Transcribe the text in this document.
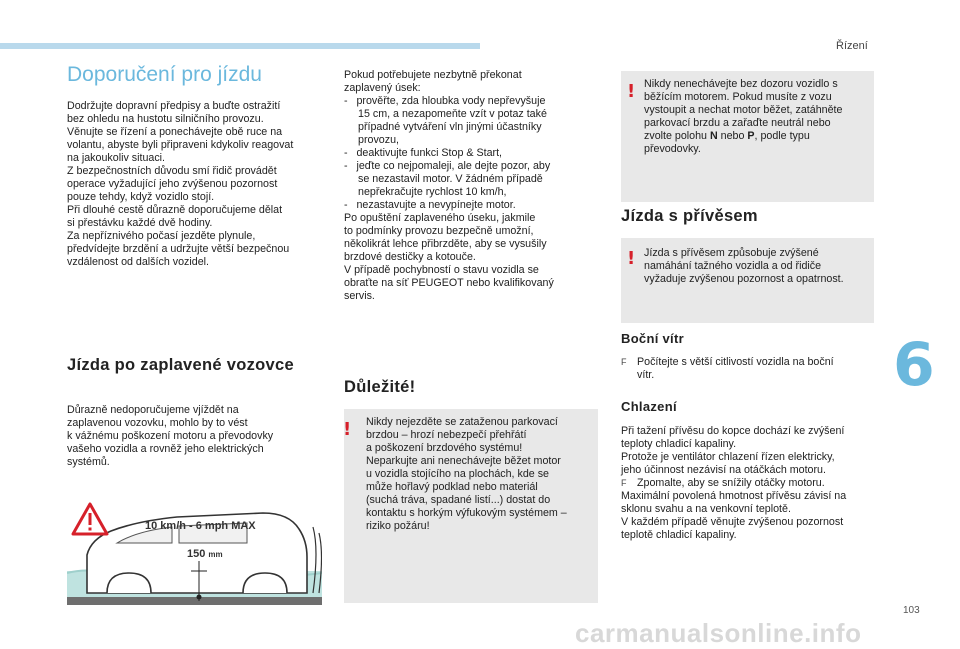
Řízení
6
103
carmanualsonline.info
Doporučení pro jízdu
Dodržujte dopravní předpisy a buďte ostražití
bez ohledu na hustotu silničního provozu.
Věnujte se řízení a ponechávejte obě ruce na
volantu, abyste byli připraveni kdykoliv reagovat
na jakoukoliv situaci.
Z bezpečnostních důvodu smí řidič provádět
operace vyžadující jeho zvýšenou pozornost
pouze tehdy, když vozidlo stojí.
Při dlouhé cestě důrazně doporučujeme dělat
si přestávku každé dvě hodiny.
Za nepříznivého počasí jezděte plynule,
předvídejte brzdění a udržujte větší bezpečnou
vzdálenost od dalších vozidel.
Jízda po zaplavené vozovce
Důrazně nedoporučujeme vjíždět na
zaplavenou vozovku, mohlo by to vést
k vážnému poškození motoru a převodovky
vašeho vozidla a rovněž jeho elektrických
systémů.
10 km/h - 6 mph MAX
150 mm
Pokud potřebujete nezbytně překonat
zaplavený úsek:
-   prověřte, zda hloubka vody nepřevyšuje
15 cm, a nezapomeňte vzít v potaz také
případné vytváření vln jinými účastníky
provozu,
-   deaktivujte funkci Stop & Start,
-   jeďte co nejpomaleji, ale dejte pozor, aby
se nezastavil motor. V žádném případě
nepřekračujte rychlost 10 km/h,
-   nezastavujte a nevypínejte motor.
Po opuštění zaplaveného úseku, jakmile
to podmínky provozu bezpečně umožní,
několikrát lehce přibrzděte, aby se vysušily
brzdové destičky a kotouče.
V případě pochybností o stavu vozidla se
obraťte na síť PEUGEOT nebo kvalifikovaný
servis.
Důležité!
! Nikdy nejezděte se zataženou parkovací
brzdou – hrozí nebezpečí přehřátí
a poškození brzdového systému!
Neparkujte ani nenechávejte běžet motor
u vozidla stojícího na plochách, kde se
může hořlavý podklad nebo materiál
(suchá tráva, spadané listí...) dostat do
kontaktu s horkým výfukovým systémem –
riziko požáru!
! Nikdy nenechávejte bez dozoru vozidlo s
běžícím motorem. Pokud musíte z vozu
vystoupit a nechat motor běžet, zatáhněte
parkovací brzdu a zařaďte neutrál nebo
zvolte polohu N nebo P, podle typu
převodovky.
Jízda s přívěsem
! Jízda s přívěsem způsobuje zvýšené
namáhání tažného vozidla a od řidiče
vyžaduje zvýšenou pozornost a opatrnost.
Boční vítr
F Počítejte s větší citlivostí vozidla na boční
vítr.
Chlazení
Při tažení přívěsu do kopce dochází ke zvýšení
teploty chladicí kapaliny.
Protože je ventilátor chlazení řízen elektricky,
jeho účinnost nezávisí na otáčkách motoru.
F Zpomalte, aby se snížily otáčky motoru.
Maximální povolená hmotnost přívěsu závisí na
sklonu svahu a na venkovní teplotě.
V každém případě věnujte zvýšenou pozornost
teplotě chladicí kapaliny.
